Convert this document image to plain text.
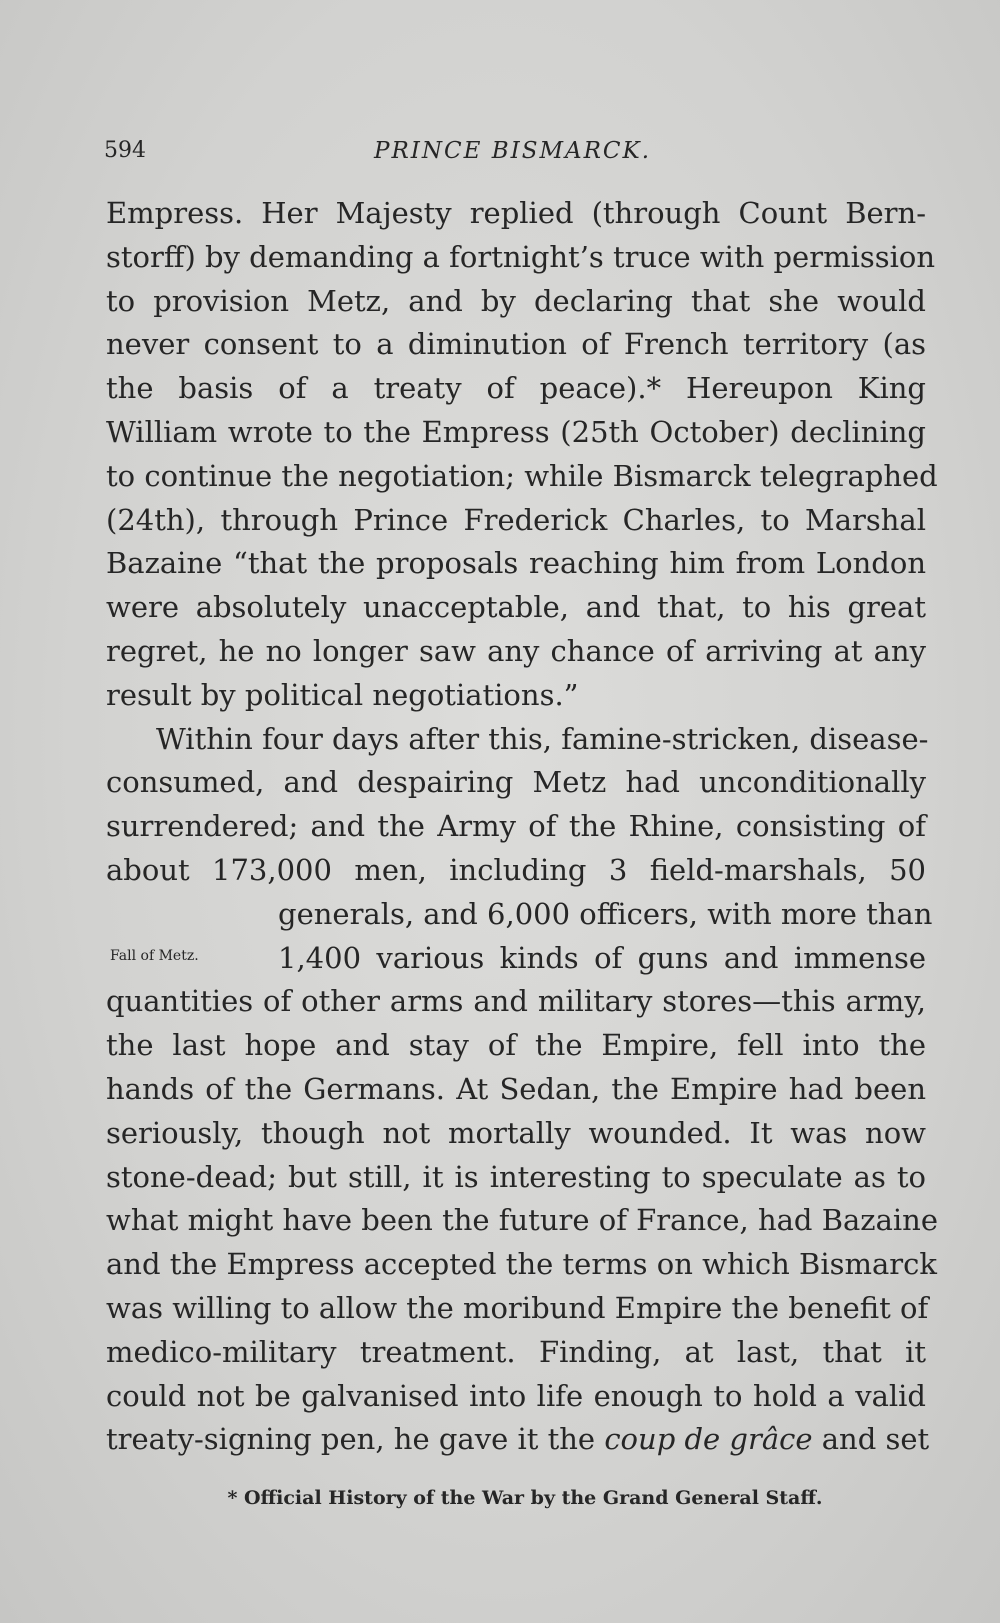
594	PRINCE BISMARCK.
Empress. Her Majesty replied (through Count Bern-
storff) by demanding a fortnight’s truce with permission
to provision Metz, and by declaring that she would
never consent to a diminution of French territory (as
the basis of a treaty of peace).* Hereupon King
William wrote to the Empress (25th October) declining
to continue the negotiation; while Bismarck telegraphed
(24th), through Prince Frederick Charles, to Marshal
Bazaine “that the proposals reaching him from London
were absolutely unacceptable, and that, to his great
regret, he no longer saw any chance of arriving at any
result by political negotiations.”
Within four days after this, famine-stricken, disease-
consumed, and despairing Metz had unconditionally
surrendered; and the Army of the Rhine, consisting of
about 173,000 men, including 3 field-marshals, 50
generals, and 6,000 officers, with more than
1,400 various kinds of guns and immense
quantities of other arms and military stores—this army,
the last hope and stay of the Empire, fell into the
hands of the Germans. At Sedan, the Empire had been
seriously, though not mortally wounded. It was now
stone-dead; but still, it is interesting to speculate as to
what might have been the future of France, had Bazaine
and the Empress accepted the terms on which Bismarck
was willing to allow the moribund Empire the benefit of
medico-military treatment. Finding, at last, that it
could not be galvanised into life enough to hold a valid
treaty-signing pen, he gave it the coup de grâce and set
Fall of Metz.
* Official History of the War by the Grand General Staff.
